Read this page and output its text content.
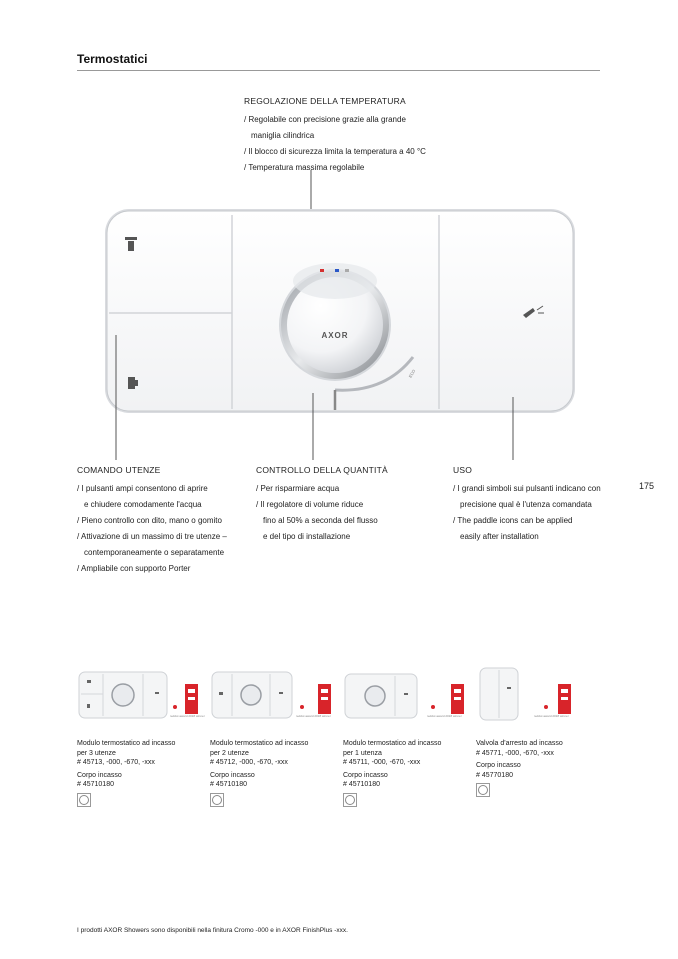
Termostatici
REGOLAZIONE DELLA TEMPERATURA
/ Regolabile con precisione grazie alla grande
maniglia cilindrica
/ Il blocco di sicurezza limita la temperatura a 40 °C
/ Temperatura massima regolabile
AXOR
ECO
COMANDO UTENZE
/ I pulsanti ampi consentono di aprire
e chiudere comodamente l'acqua
/ Pieno controllo con dito, mano o gomito
/ Attivazione di un massimo di tre utenze –
contemporaneamente o separatamente
/ Ampliabile con supporto Porter
CONTROLLO DELLA QUANTITÀ
/ Per risparmiare acqua
/ Il regolatore di volume riduce
fino al 50% a seconda del flusso
e del tipo di installazione
USO
/ I grandi simboli sui pulsanti indicano con
precisione qual è l'utenza comandata
/ The paddle icons can be applied
easily after installation
175
reddot award 2018 winner
Modulo termostatico ad incasso
per 3 utenze
# 45713, -000, -670, -xxx
Corpo incasso
# 45710180
reddot award 2018 winner
Modulo termostatico ad incasso
per 2 utenze
# 45712, -000, -670, -xxx
Corpo incasso
# 45710180
reddot award 2018 winner
Modulo termostatico ad incasso
per 1 utenza
# 45711, -000, -670, -xxx
Corpo incasso
# 45710180
reddot award 2018 winner
Valvola d'arresto ad incasso
# 45771, -000, -670, -xxx
Corpo incasso
# 45770180
I prodotti AXOR Showers sono disponibili nella finitura Cromo -000 e in AXOR FinishPlus -xxx.
